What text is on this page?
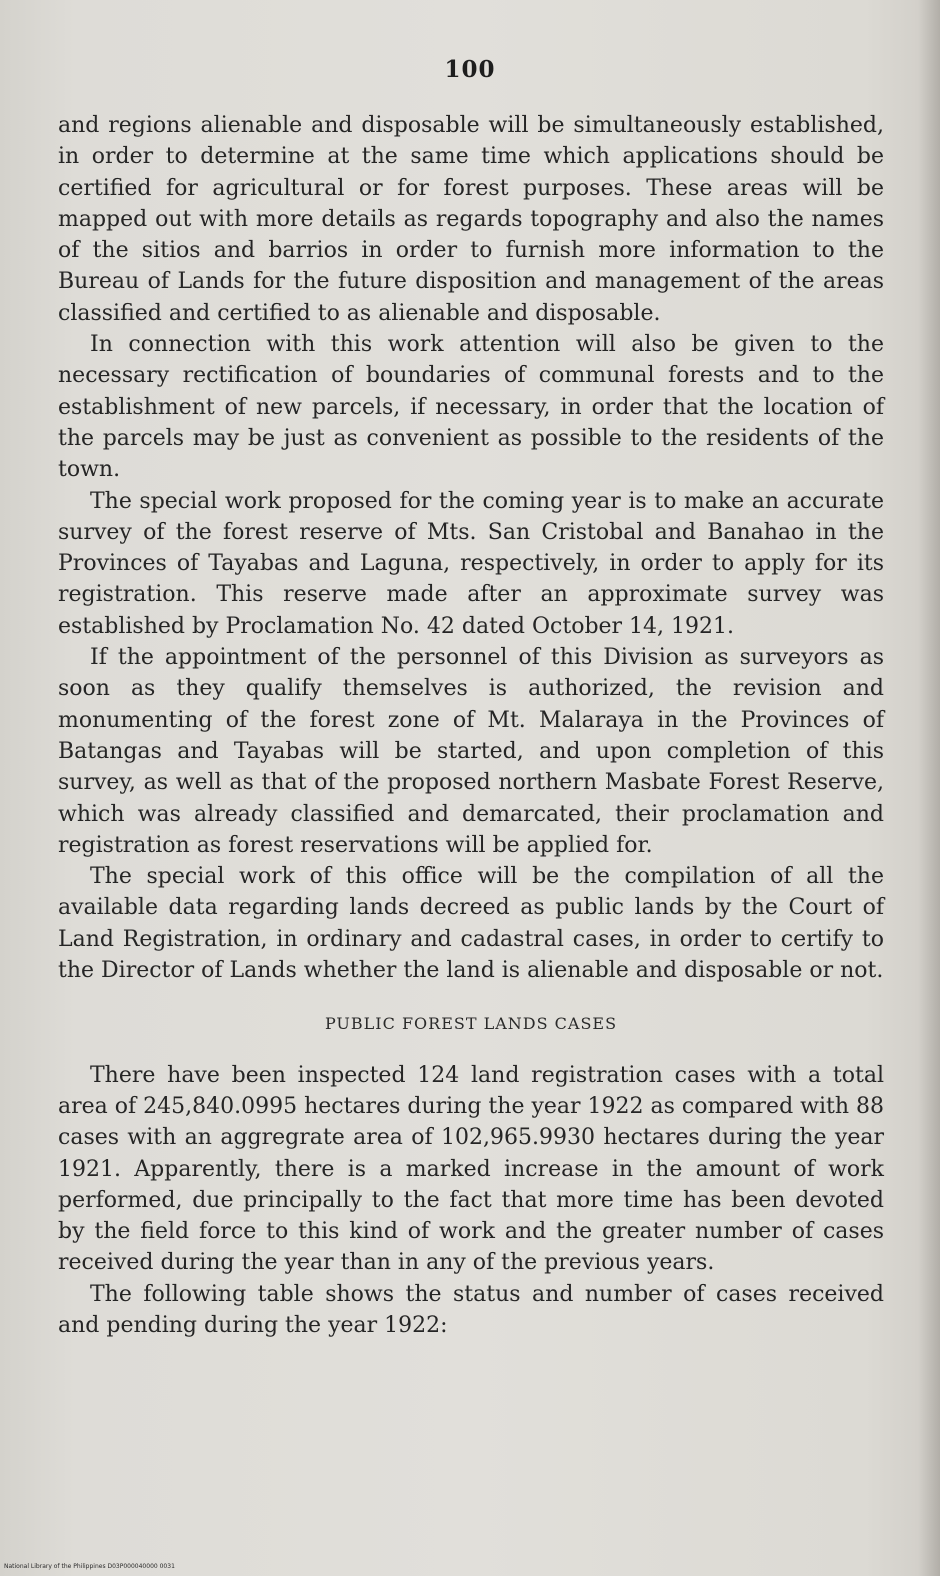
100

and regions alienable and disposable will be simultaneously established, in order to determine at the same time which applications should be certified for agricultural or for forest purposes. These areas will be mapped out with more details as regards topography and also the names of the sitios and barrios in order to furnish more information to the Bureau of Lands for the future disposition and management of the areas classified and certified to as alienable and disposable.

In connection with this work attention will also be given to the necessary rectification of boundaries of communal forests and to the establishment of new parcels, if necessary, in order that the location of the parcels may be just as convenient as possible to the residents of the town.

The special work proposed for the coming year is to make an accurate survey of the forest reserve of Mts. San Cristobal and Banahao in the Provinces of Tayabas and Laguna, respectively, in order to apply for its registration. This reserve made after an approximate survey was established by Proclamation No. 42 dated October 14, 1921.

If the appointment of the personnel of this Division as surveyors as soon as they qualify themselves is authorized, the revision and monumenting of the forest zone of Mt. Malaraya in the Provinces of Batangas and Tayabas will be started, and upon completion of this survey, as well as that of the proposed northern Masbate Forest Reserve, which was already classified and demarcated, their proclamation and registration as forest reservations will be applied for.

The special work of this office will be the compilation of all the available data regarding lands decreed as public lands by the Court of Land Registration, in ordinary and cadastral cases, in order to certify to the Director of Lands whether the land is alienable and disposable or not.

PUBLIC FOREST LANDS CASES

There have been inspected 124 land registration cases with a total area of 245,840.0995 hectares during the year 1922 as compared with 88 cases with an aggregrate area of 102,965.9930 hectares during the year 1921. Apparently, there is a marked increase in the amount of work performed, due principally to the fact that more time has been devoted by the field force to this kind of work and the greater number of cases received during the year than in any of the previous years.

The following table shows the status and number of cases received and pending during the year 1922:

National Library of the Philippines D03P000040000 0031
